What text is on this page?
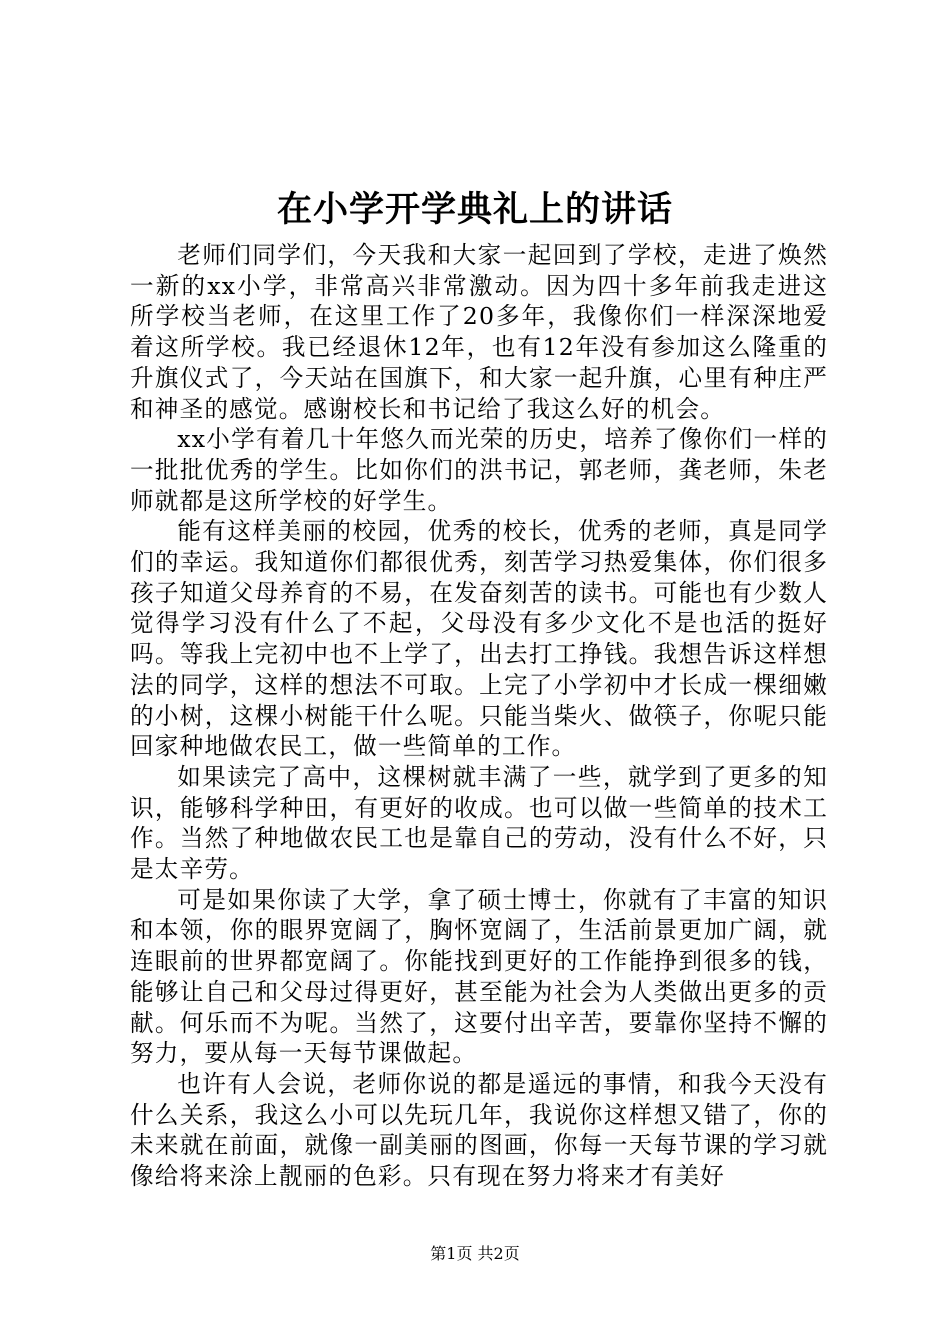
在小学开学典礼上的讲话

老师们同学们，今天我和大家一起回到了学校，走进了焕然一新的xx小学，非常高兴非常激动。因为四十多年前我走进这所学校当老师，在这里工作了20多年，我像你们一样深深地爱着这所学校。我已经退休12年，也有12年没有参加这么隆重的升旗仪式了，今天站在国旗下，和大家一起升旗，心里有种庄严和神圣的感觉。感谢校长和书记给了我这么好的机会。

xx小学有着几十年悠久而光荣的历史，培养了像你们一样的一批批优秀的学生。比如你们的洪书记，郭老师，龚老师，朱老师就都是这所学校的好学生。

能有这样美丽的校园，优秀的校长，优秀的老师，真是同学们的幸运。我知道你们都很优秀，刻苦学习热爱集体，你们很多孩子知道父母养育的不易，在发奋刻苦的读书。可能也有少数人觉得学习没有什么了不起，父母没有多少文化不是也活的挺好吗。等我上完初中也不上学了，出去打工挣钱。我想告诉这样想法的同学，这样的想法不可取。上完了小学初中才长成一棵细嫩的小树，这棵小树能干什么呢。只能当柴火、做筷子，你呢只能回家种地做农民工，做一些简单的工作。

如果读完了高中，这棵树就丰满了一些，就学到了更多的知识，能够科学种田，有更好的收成。也可以做一些简单的技术工作。当然了种地做农民工也是靠自己的劳动，没有什么不好，只是太辛劳。

可是如果你读了大学，拿了硕士博士，你就有了丰富的知识和本领，你的眼界宽阔了，胸怀宽阔了，生活前景更加广阔，就连眼前的世界都宽阔了。你能找到更好的工作能挣到很多的钱，能够让自己和父母过得更好，甚至能为社会为人类做出更多的贡献。何乐而不为呢。当然了，这要付出辛苦，要靠你坚持不懈的努力，要从每一天每节课做起。

也许有人会说，老师你说的都是遥远的事情，和我今天没有什么关系，我这么小可以先玩几年，我说你这样想又错了，你的未来就在前面，就像一副美丽的图画，你每一天每节课的学习就像给将来涂上靓丽的色彩。只有现在努力将来才有美好

第1页 共2页
